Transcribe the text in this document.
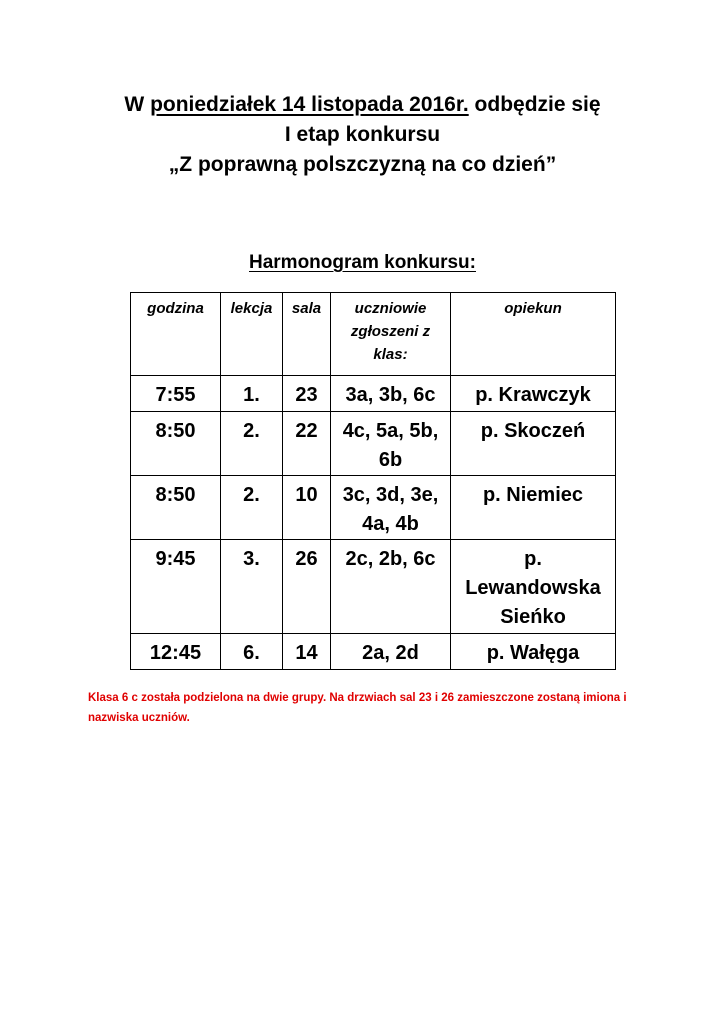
W poniedziałek 14 listopada 2016r. odbędzie się
I etap konkursu
„Z poprawną polszczyzną na co dzień”
Harmonogram konkursu:
godzina	lekcja	sala	uczniowie zgłoszeni z klas:	opiekun
7:55	1.	23	3a, 3b, 6c	p. Krawczyk
8:50	2.	22	4c, 5a, 5b, 6b	p. Skoczeń
8:50	2.	10	3c, 3d, 3e, 4a, 4b	p. Niemiec
9:45	3.	26	2c, 2b, 6c	p. Lewandowska Sieńko
12:45	6.	14	2a, 2d	p. Wałęga

Klasa 6 c została podzielona na dwie grupy. Na drzwiach sal 23 i 26 zamieszczone zostaną imiona i nazwiska uczniów.
